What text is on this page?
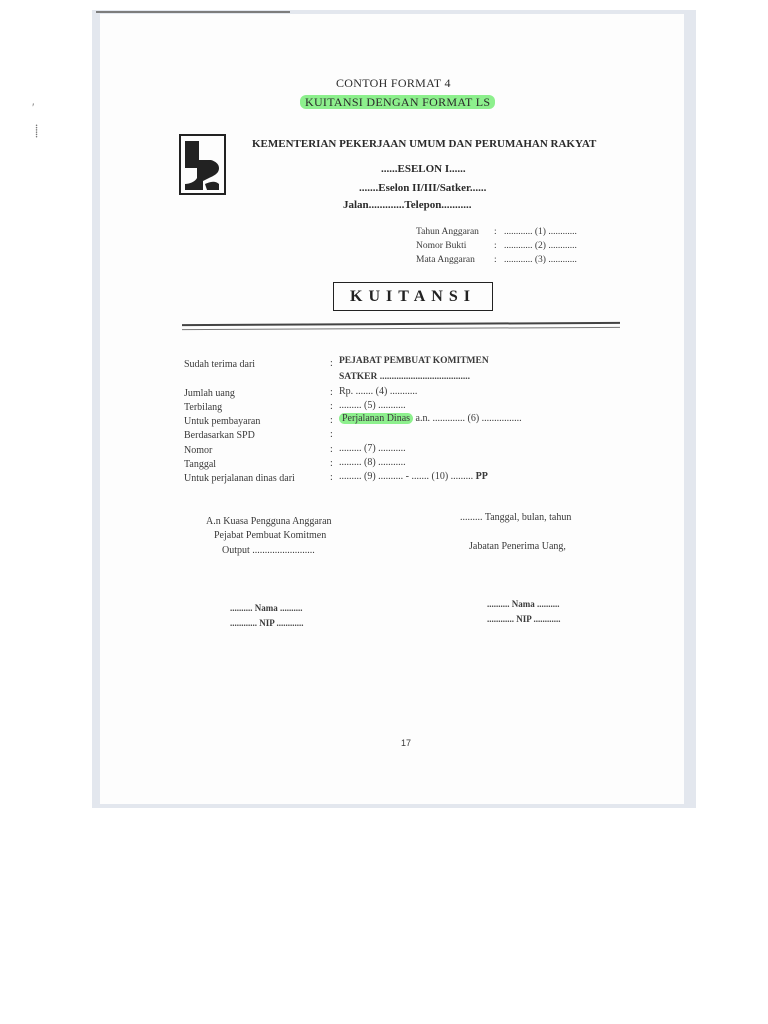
′
⸽
CONTOH FORMAT 4
KUITANSI DENGAN FORMAT LS
KEMENTERIAN PEKERJAAN UMUM DAN PERUMAHAN RAKYAT
......ESELON I......
.......Eselon II/III/Satker......
Jalan.............Telepon...........
Tahun Anggaran : ............ (1) ............
Nomor Bukti	: ............ (2) ............
Mata Anggaran : ............ (3) ............
KUITANSI
Sudah terima dari	: PEJABAT PEMBUAT KOMITMEN
SATKER ......................................
Jumlah uang	: Rp. ....... (4) ...........
Terbilang	: ......... (5) ...........
Untuk pembayaran	: Perjalanan Dinas a.n. ............. (6) ................
Berdasarkan SPD	:
Nomor	: ......... (7) ...........
Tanggal	: ......... (8) ...........
Untuk perjalanan dinas dari	: ......... (9) .......... - ....... (10) ......... PP
A.n Kuasa Pengguna Anggaran
Pejabat Pembuat Komitmen
Output .........................
......... Tanggal, bulan, tahun
Jabatan Penerima Uang,
.......... Nama ..........
............ NIP ............
.......... Nama ..........
............ NIP ............
17
